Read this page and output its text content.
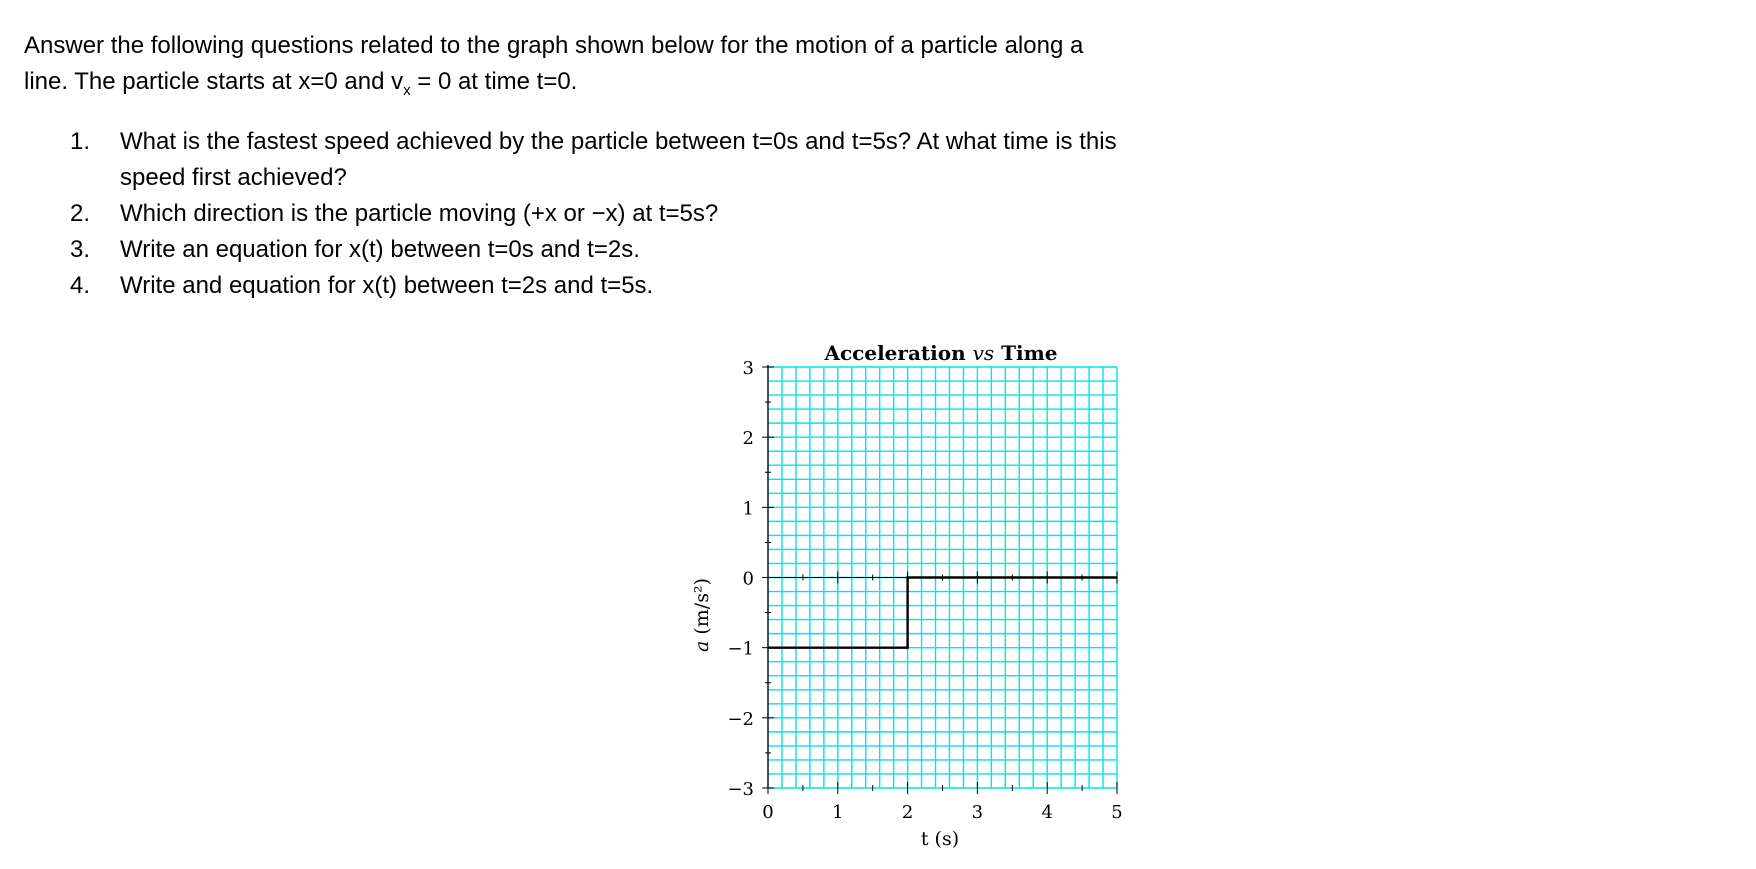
Answer the following questions related to the graph shown below for the motion of a particle along a
line. The particle starts at x=0 and $v_x = 0$ at time t=0.

1. What is the fastest speed achieved by the particle between t=0s and t=5s? At what time is this speed first achieved?
2. Which direction is the particle moving (+x or −x) at t=5s?
3. Write an equation for x(t) between t=0s and t=2s.
4. Write and equation for x(t) between t=2s and t=5s.
3
2
1
0
−1
−2
−3
0	1	2	3	4	5
Acceleration vs Time
t (s)
a (m/s²)
